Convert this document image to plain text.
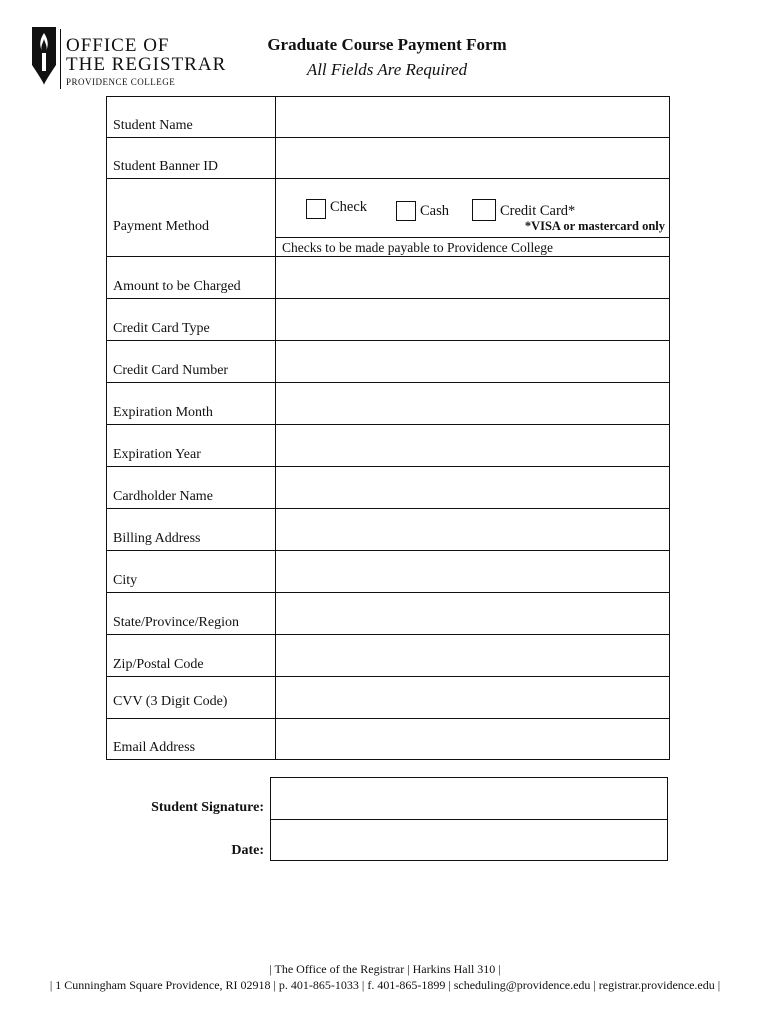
OFFICE OF
THE REGISTRAR
PROVIDENCE COLLEGE
Graduate Course Payment Form
All Fields Are Required
Student Name
Student Banner ID
Payment Method
Check	Cash	Credit Card*
*VISA or mastercard only
Checks to be made payable to Providence College
Amount to be Charged
Credit Card Type
Credit Card Number
Expiration Month
Expiration Year
Cardholder Name
Billing Address
City
State/Province/Region
Zip/Postal Code
CVV (3 Digit Code)
Email Address
Student Signature:
Date:
| The Office of the Registrar | Harkins Hall 310 |
| 1 Cunningham Square Providence, RI 02918 | p. 401-865-1033 | f. 401-865-1899 | scheduling@providence.edu | registrar.providence.edu |
